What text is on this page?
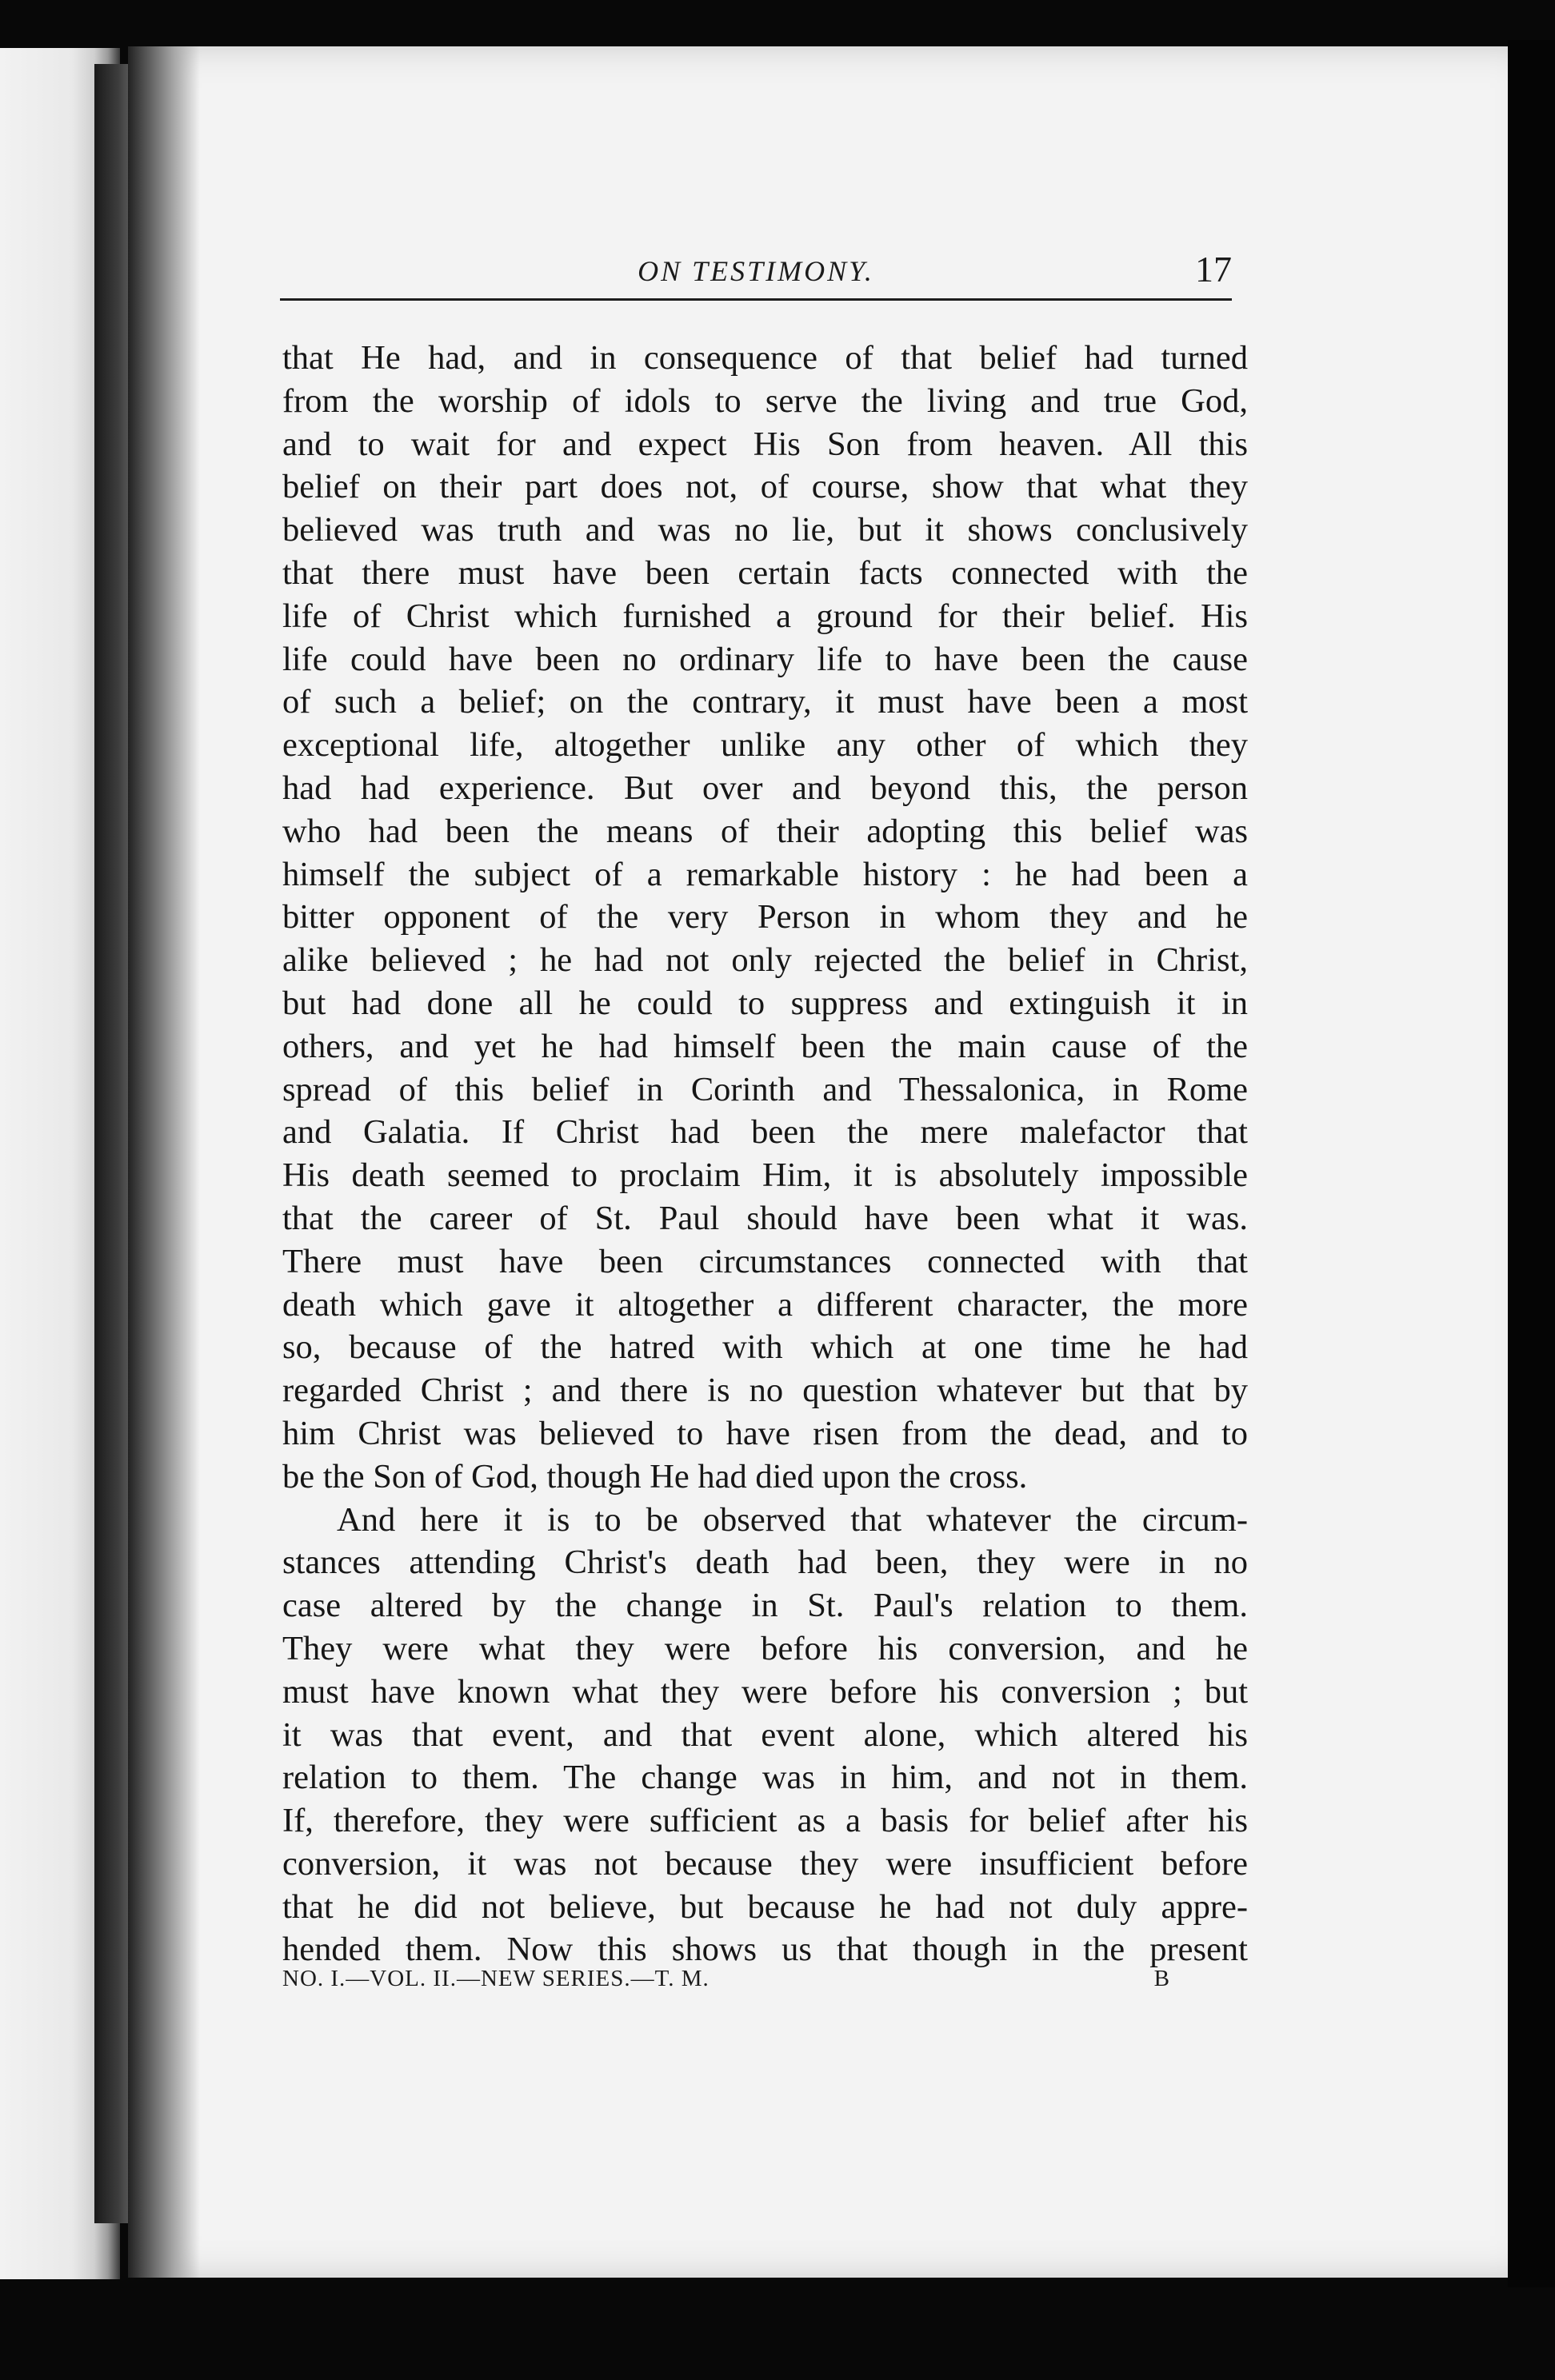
ON TESTIMONY.	17
that He had, and in consequence of that belief had turned
from the worship of idols to serve the living and true God,
and to wait for and expect His Son from heaven. All this
belief on their part does not, of course, show that what they
believed was truth and was no lie, but it shows conclusively
that there must have been certain facts connected with the
life of Christ which furnished a ground for their belief. His
life could have been no ordinary life to have been the cause
of such a belief; on the contrary, it must have been a most
exceptional life, altogether unlike any other of which they
had had experience. But over and beyond this, the person
who had been the means of their adopting this belief was
himself the subject of a remarkable history : he had been a
bitter opponent of the very Person in whom they and he
alike believed ; he had not only rejected the belief in Christ,
but had done all he could to suppress and extinguish it in
others, and yet he had himself been the main cause of the
spread of this belief in Corinth and Thessalonica, in Rome
and Galatia. If Christ had been the mere malefactor that
His death seemed to proclaim Him, it is absolutely impossible
that the career of St. Paul should have been what it was.
There must have been circumstances connected with that
death which gave it altogether a different character, the more
so, because of the hatred with which at one time he had
regarded Christ ; and there is no question whatever but that by
him Christ was believed to have risen from the dead, and to
be the Son of God, though He had died upon the cross.
And here it is to be observed that whatever the circum-
stances attending Christ's death had been, they were in no
case altered by the change in St. Paul's relation to them.
They were what they were before his conversion, and he
must have known what they were before his conversion ; but
it was that event, and that event alone, which altered his
relation to them. The change was in him, and not in them.
If, therefore, they were sufficient as a basis for belief after his
conversion, it was not because they were insufficient before
that he did not believe, but because he had not duly appre-
hended them. Now this shows us that though in the present
NO. I.—VOL. II.—NEW SERIES.—T. M.	B
